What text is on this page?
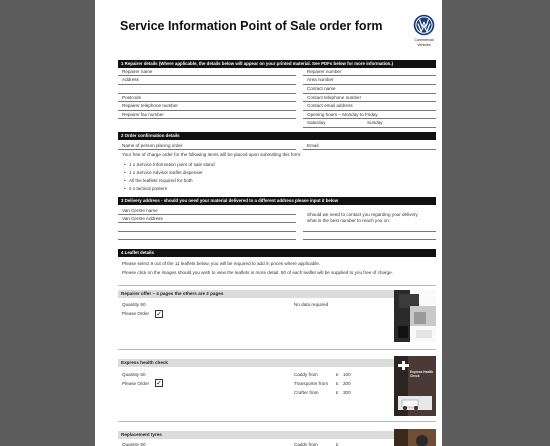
Service Information Point of Sale order form
Commercial
Vehicles
1 Repairer details (Where applicable, the details below will appear on your printed material. See PDFs below for more information.)
Repairer name
Address
Postcode
Repairer telephone number
Repairer fax number
Repairer number
Area number
Contact name
Contact telephone number
Contact email address
Opening hours – Monday to Friday
Saturday	Sunday
2 Order confirmation details
Name of person placing order	Email
Your free of charge order for the following items will be placed upon submitting this form:
• 1 x Service Information point of sale stand
• 1 x Service Advisor leaflet dispenser
• All the leaflets required for both
• 2 x tactical posters
3 Delivery address - should you need your material delivered to a different address please input it below
Van Centre name
Van Centre Address
Should we need to contact you regarding your delivery
what is the best number to reach you on:
4 Leaflet details
Please select 9 out of the 11 leaflets below, you will be required to add in prices where applicable.
Please click on the images should you wish to view the leaflets in more detail. 50 of each leaflet will be supplied to you free of charge.
Repairer offer – 4 pages the others are 2 pages
Quantity 50
Please Order ✓
No data required
Express health check
Quantity 50
Please Order ✓
Caddy from	£ 100
Transporter from £ 200
Crafter from	£ 300
Express Health Check
Replacement tyres
Quantity 50	Caddy from	£
